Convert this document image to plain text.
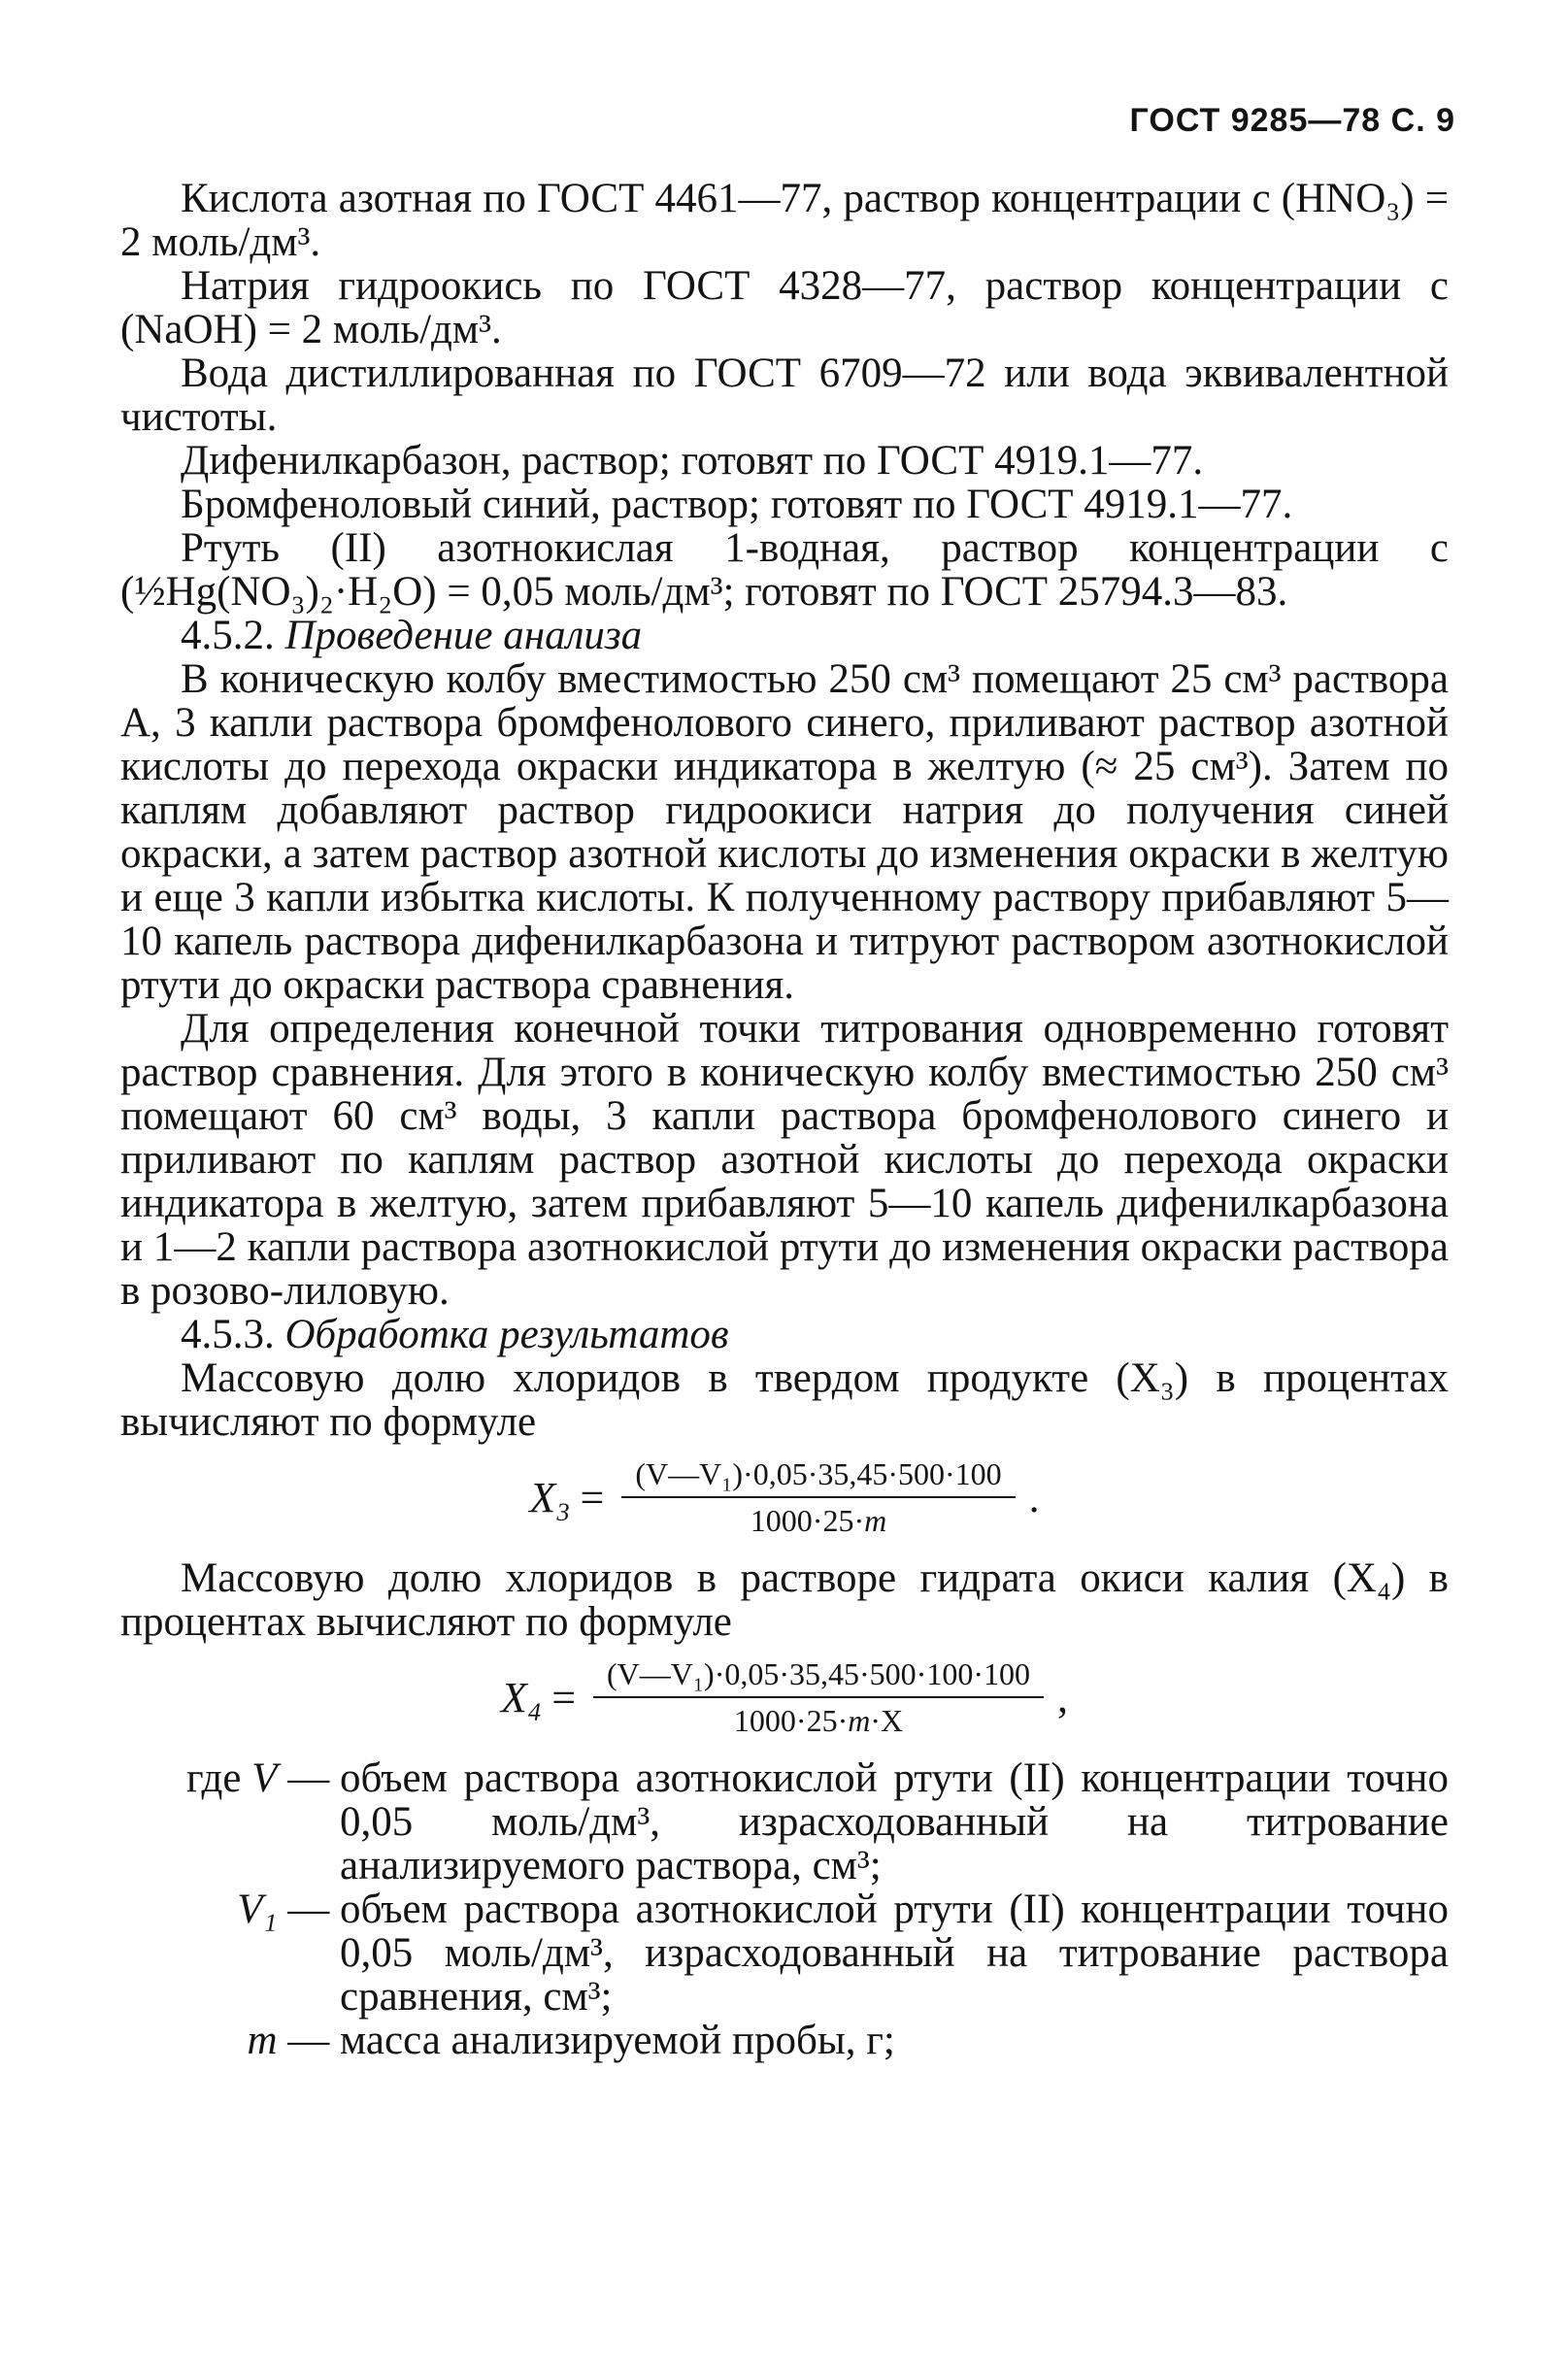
ГОСТ 9285—78 С. 9

Кислота азотная по ГОСТ 4461—77, раствор концентрации с (HNO₃) = 2 моль/дм³.

Натрия гидроокись по ГОСТ 4328—77, раствор концентрации с (NaOH) = 2 моль/дм³.

Вода дистиллированная по ГОСТ 6709—72 или вода эквивалентной чистоты.

Дифенилкарбазон, раствор; готовят по ГОСТ 4919.1—77.

Бромфеноловый синий, раствор; готовят по ГОСТ 4919.1—77.

Ртуть (II) азотнокислая 1-водная, раствор концентрации с (½Hg(NO₃)₂·H₂O) = 0,05 моль/дм³; готовят по ГОСТ 25794.3—83.

4.5.2. Проведение анализа

В коническую колбу вместимостью 250 см³ помещают 25 см³ раствора А, 3 капли раствора бромфенолового синего, приливают раствор азотной кислоты до перехода окраски индикатора в желтую (≈ 25 см³). Затем по каплям добавляют раствор гидроокиси натрия до получения синей окраски, а затем раствор азотной кислоты до изменения окраски в желтую и еще 3 капли избытка кислоты. К полученному раствору прибавляют 5—10 капель раствора дифенилкарбазона и титруют раствором азотнокислой ртути до окраски раствора сравнения.

Для определения конечной точки титрования одновременно готовят раствор сравнения. Для этого в коническую колбу вместимостью 250 см³ помещают 60 см³ воды, 3 капли раствора бромфенолового синего и приливают по каплям раствор азотной кислоты до перехода окраски индикатора в желтую, затем прибавляют 5—10 капель дифенилкарбазона и 1—2 капли раствора азотнокислой ртути до изменения окраски раствора в розово-лиловую.

4.5.3. Обработка результатов

Массовую долю хлоридов в твердом продукте (X₃) в процентах вычисляют по формуле

$X_3 = \frac{\text{(V—V₁)·0,05·35,45·500·100}}{1000\cdot 25\cdot m}$ .

Массовую долю хлоридов в растворе гидрата окиси калия (X₄) в процентах вычисляют по формуле

$X_4 = \frac{\text{(V—V₁)·0,05·35,45·500·100·100}}{1000\cdot 25\cdot m\cdot X}$ ,
где V — объем раствора азотнокислой ртути (II) концентрации точно 0,05 моль/дм³, израсходованный на титрование анализируемого раствора, см³;
V₁ — объем раствора азотнокислой ртути (II) концентрации точно 0,05 моль/дм³, израсходованный на титрование раствора сравнения, см³;
m — масса анализируемой пробы, г;
